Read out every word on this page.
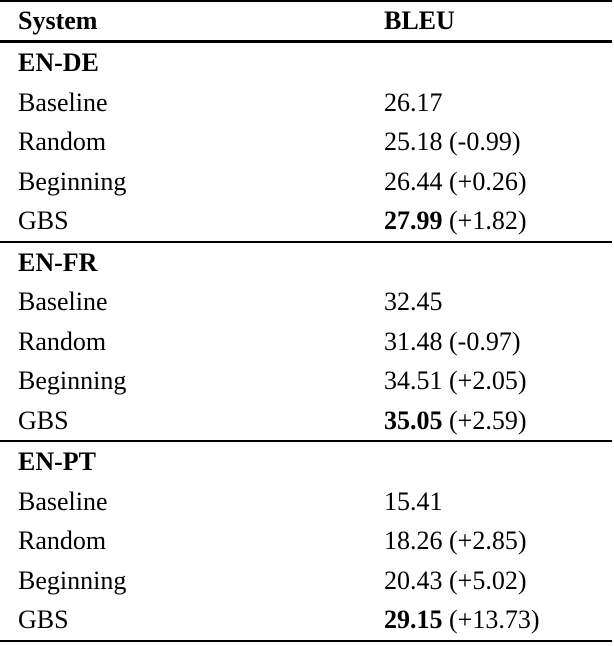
System	BLEU
EN-DE	
Baseline	26.17
Random	25.18 (-0.99)
Beginning	26.44 (+0.26)
GBS	27.99 (+1.82)
EN-FR	
Baseline	32.45
Random	31.48 (-0.97)
Beginning	34.51 (+2.05)
GBS	35.05 (+2.59)
EN-PT	
Baseline	15.41
Random	18.26 (+2.85)
Beginning	20.43 (+5.02)
GBS	29.15 (+13.73)
